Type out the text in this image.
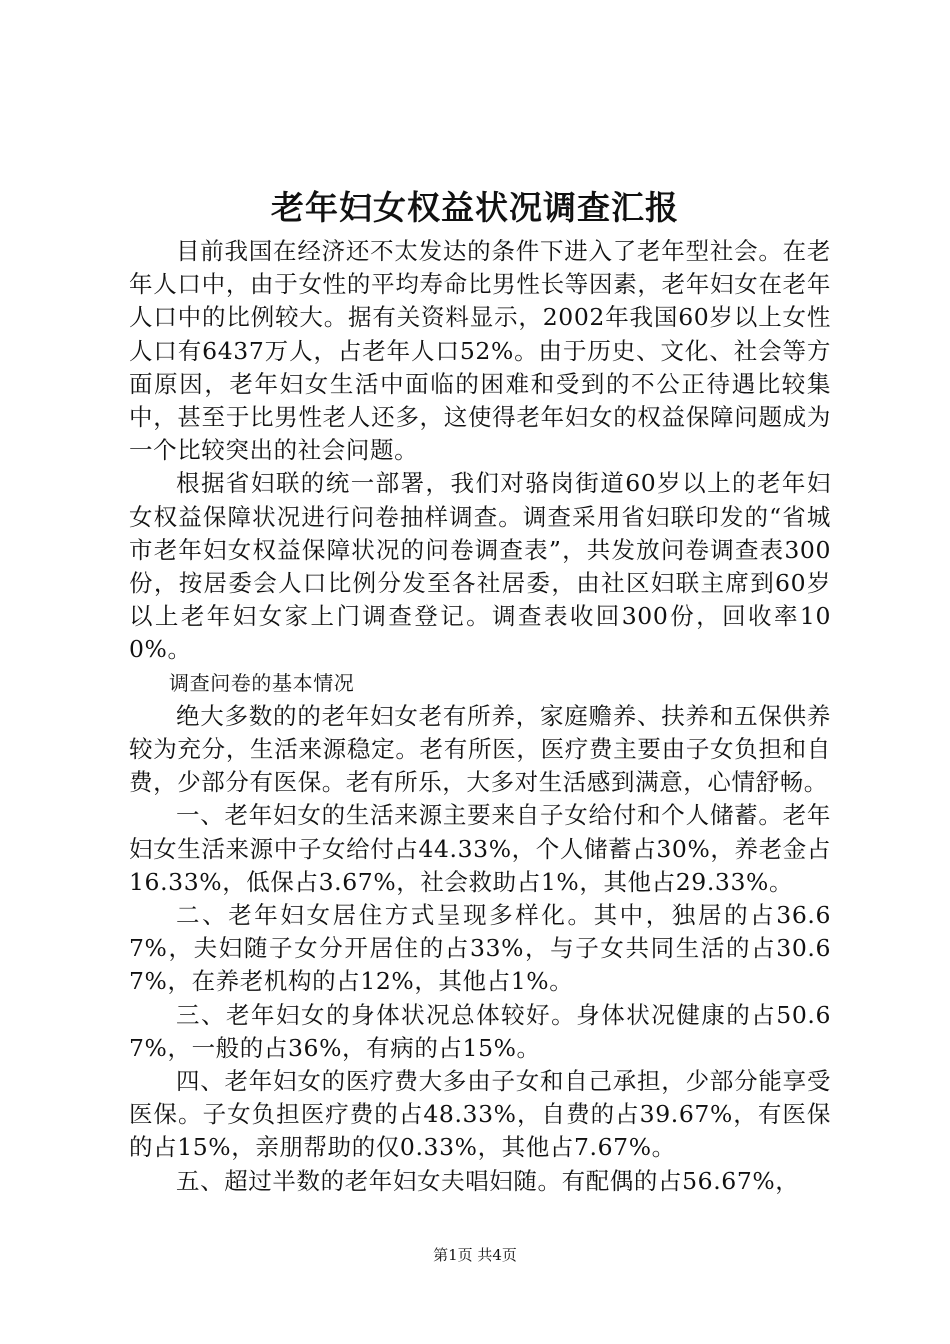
老年妇女权益状况调查汇报

目前我国在经济还不太发达的条件下进入了老年型社会。在老年人口中，由于女性的平均寿命比男性长等因素，老年妇女在老年人口中的比例较大。据有关资料显示，2002年我国60岁以上女性人口有6437万人，占老年人口52%。由于历史、文化、社会等方面原因，老年妇女生活中面临的困难和受到的不公正待遇比较集中，甚至于比男性老人还多，这使得老年妇女的权益保障问题成为一个比较突出的社会问题。

根据省妇联的统一部署，我们对骆岗街道60岁以上的老年妇女权益保障状况进行问卷抽样调查。调查采用省妇联印发的“省城市老年妇女权益保障状况的问卷调查表”，共发放问卷调查表300份，按居委会人口比例分发至各社居委，由社区妇联主席到60岁以上老年妇女家上门调查登记。调查表收回300份，回收率100%。

调查问卷的基本情况

绝大多数的的老年妇女老有所养，家庭赡养、扶养和五保供养较为充分，生活来源稳定。老有所医，医疗费主要由子女负担和自费，少部分有医保。老有所乐，大多对生活感到满意，心情舒畅。

一、老年妇女的生活来源主要来自子女给付和个人储蓄。老年妇女生活来源中子女给付占44.33%，个人储蓄占30%，养老金占16.33%，低保占3.67%，社会救助占1%，其他占29.33%。

二、老年妇女居住方式呈现多样化。其中，独居的占36.67%，夫妇随子女分开居住的占33%，与子女共同生活的占30.67%，在养老机构的占12%，其他占1%。

三、老年妇女的身体状况总体较好。身体状况健康的占50.67%，一般的占36%，有病的占15%。

四、老年妇女的医疗费大多由子女和自己承担，少部分能享受医保。子女负担医疗费的占48.33%，自费的占39.67%，有医保的占15%，亲朋帮助的仅0.33%，其他占7.67%。

五、超过半数的老年妇女夫唱妇随。有配偶的占56.67%，

第1页 共4页
